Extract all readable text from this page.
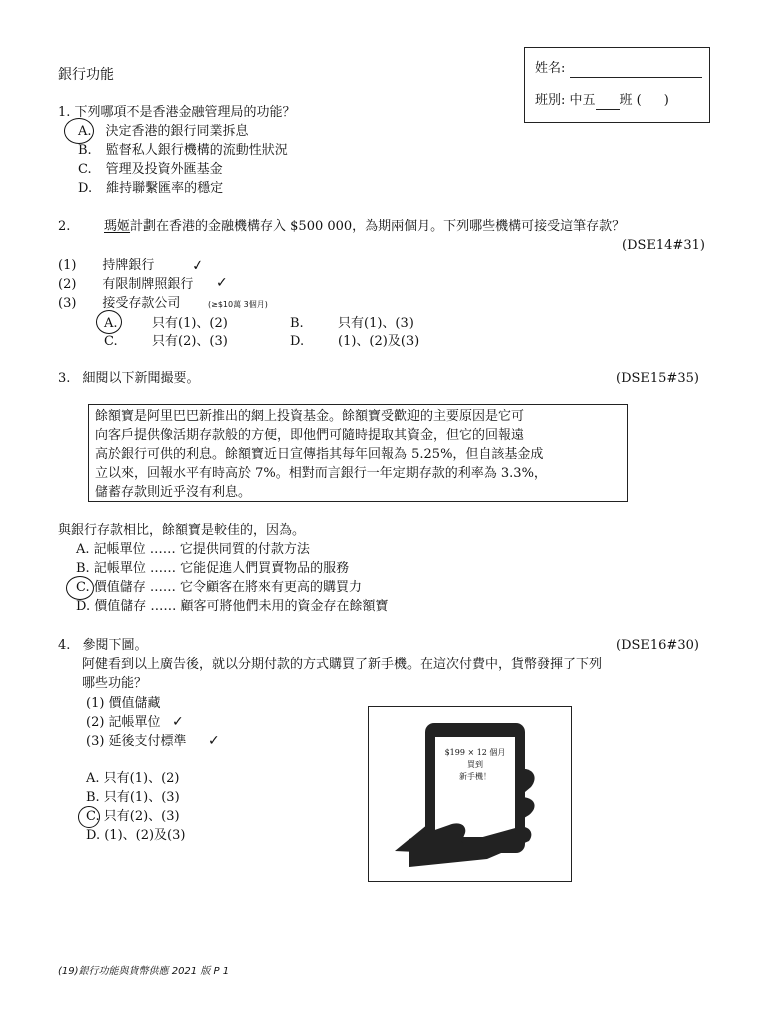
銀行功能	姓名:
班別: 中五 班 ( )
1. 下列哪項不是香港金融管理局的功能？
A. 決定香港的銀行同業拆息
B. 監督私人銀行機構的流動性狀況
C. 管理及投資外匯基金
D. 維持聯繫匯率的穩定
2.	瑪姬計劃在香港的金融機構存入 $500 000，為期兩個月。下列哪些機構可接受這筆存款？
(DSE14#31)
(1) 持牌銀行
(2) 有限制牌照銀行
(3) 接受存款公司	(≥$10萬 3個月)
A.	只有(1)、(2)	B.	只有(1)、(3)
C.	只有(2)、(3)	D.	(1)、(2)及(3)
3. 細閱以下新聞撮要。	(DSE15#35)
餘額寶是阿里巴巴新推出的網上投資基金。餘額寶受歡迎的主要原因是它可
向客戶提供像活期存款般的方便，即他們可隨時提取其資金，但它的回報遠
高於銀行可供的利息。餘額寶近日宣傳指其每年回報為 5.25%，但自該基金成
立以來，回報水平有時高於 7%。相對而言銀行一年定期存款的利率為 3.3%，
儲蓄存款則近乎沒有利息。
與銀行存款相比，餘額寶是較佳的，因為。
A. 記帳單位 …… 它提供同質的付款方法
B. 記帳單位 …… 它能促進人們買賣物品的服務
C. 價值儲存 …… 它令顧客在將來有更高的購買力
D. 價值儲存 …… 顧客可將他們未用的資金存在餘額寶
4. 參閱下圖。	(DSE16#30)
阿健看到以上廣告後，就以分期付款的方式購買了新手機。在這次付費中，貨幣發揮了下列
哪些功能？
(1) 價值儲藏
(2) 記帳單位
(3) 延後支付標準
A. 只有(1)、(2)
B. 只有(1)、(3)
C. 只有(2)、(3)
D. (1)、(2)及(3)
$199 × 12 個月
買到
新手機！
✓
✓
✓
✓
(19)銀行功能與貨幣供應 2021 版 P 1
